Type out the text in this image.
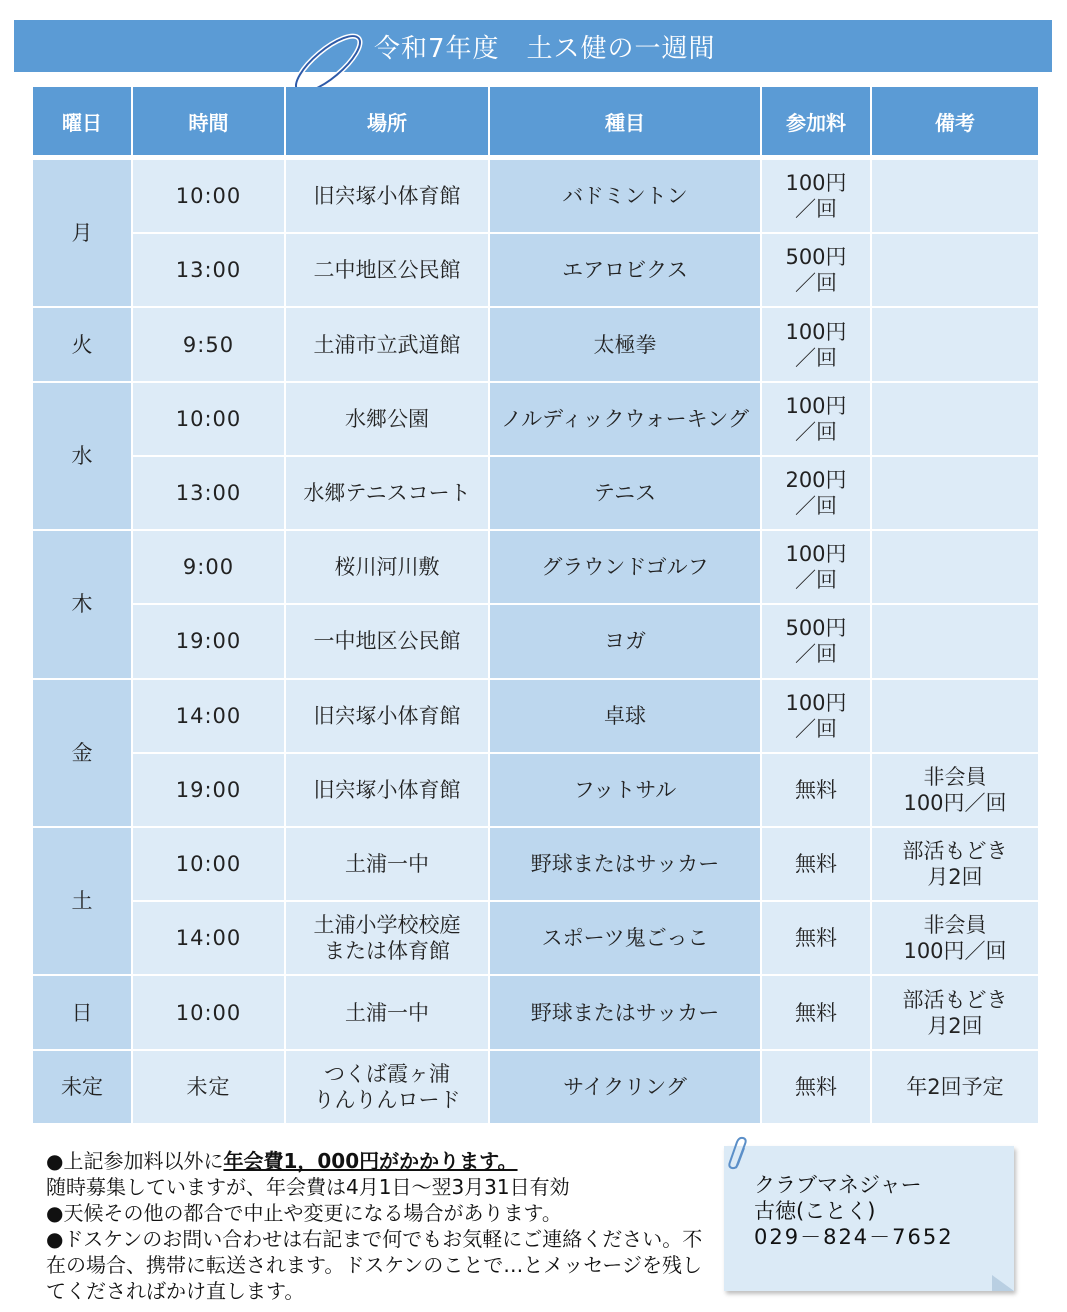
令和7年度　土ス健の一週間
曜日	時間	場所	種目	参加料	備考
月	10:00	旧宍塚小体育館	バドミントン	100円
／回	

	13:00	二中地区公民館	エアロビクス	500円
／回	

火	9:50	土浦市立武道館	太極拳	100円
／回	

水	10:00	水郷公園	ノルディックウォーキング	100円
／回	

	13:00	水郷テニスコート	テニス	200円
／回	

木	9:00	桜川河川敷	グラウンドゴルフ	100円
／回	

	19:00	一中地区公民館	ヨガ	500円
／回	

金	14:00	旧宍塚小体育館	卓球	100円
／回	

	19:00	旧宍塚小体育館	フットサル	無料	非会員
100円／回

土	10:00	土浦一中	野球またはサッカー	無料	部活もどき
月2回

	14:00	土浦小学校校庭
または体育館	スポーツ鬼ごっこ	無料	非会員
100円／回

日	10:00	土浦一中	野球またはサッカー	無料	部活もどき
月2回

未定	未定	つくば霞ヶ浦
りんりんロード	サイクリング	無料	年2回予定

●上記参加料以外に年会費1，000円がかかります。

随時募集していますが、年会費は4月1日～翌3月31日有効

●天候その他の都合で中止や変更になる場合があります。

●ドスケンのお問い合わせは右記まで何でもお気軽にご連絡ください。不在の場合、携帯に転送されます。ドスケンのことで…とメッセージを残してくださればかけ直します。

クラブマネジャー
古徳(ことく)
029－824－7652
